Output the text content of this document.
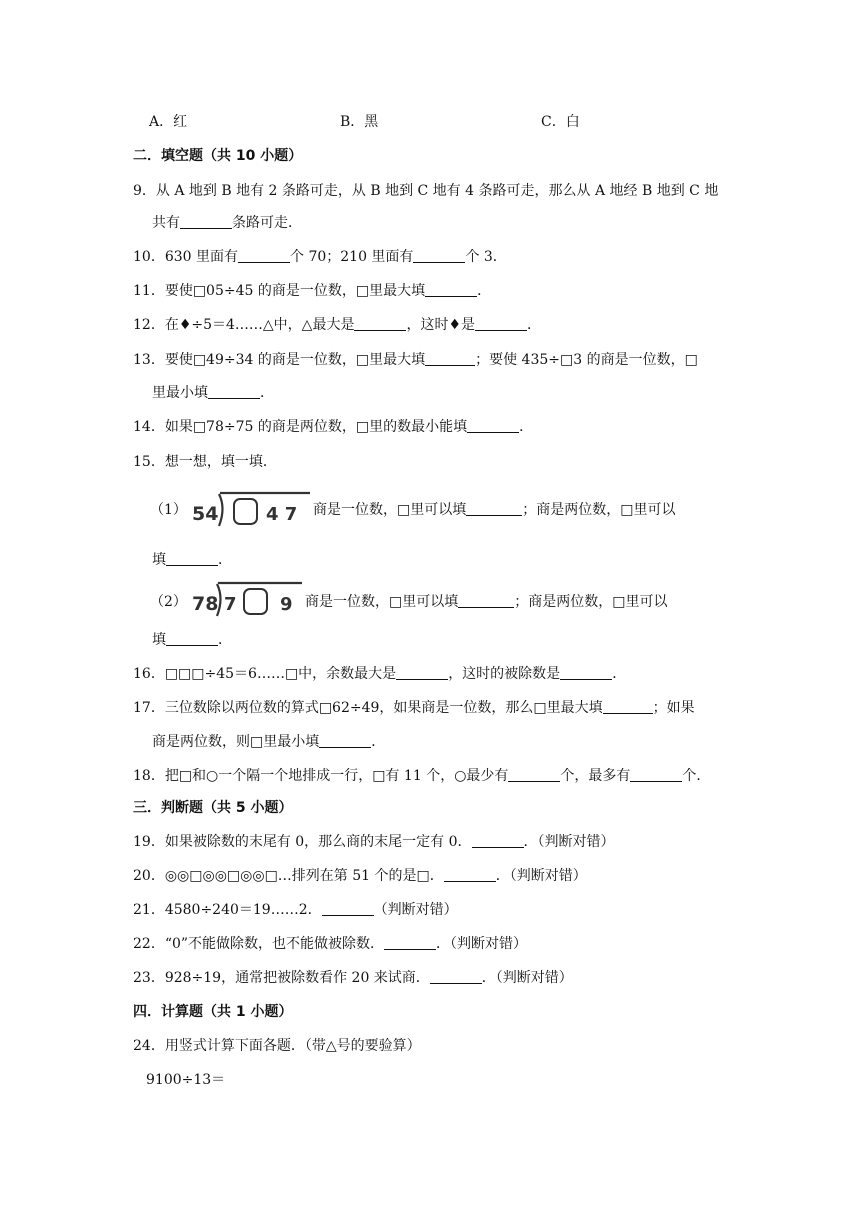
A．红	B．黑	C．白
二．填空题（共 10 小题）
9．从 A 地到 B 地有 2 条路可走，从 B 地到 C 地有 4 条路可走，那么从 A 地经 B 地到 C 地
共有	条路可走．
10．630 里面有	个 70；210 里面有	个 3．
11．要使□05÷45 的商是一位数，□里最大填	．
12．在♦÷5＝4……△中，△最大是	，这时♦是	．
13．要使□49÷34 的商是一位数，□里最大填	；要使 435÷□3 的商是一位数，□
里最小填	．
14．如果□78÷75 的商是两位数，□里的数最小能填	．
15．想一想，填一填．
（1） 54	4 7 商是一位数，□里可以填	；商是两位数，□里可以
填	．
（2） 78 7 9 商是一位数，□里可以填	；商是两位数，□里可以
填	．
16．□□□÷45＝6……□中，余数最大是	，这时的被除数是	．
17．三位数除以两位数的算式□62÷49，如果商是一位数，那么□里最大填	；如果
商是两位数，则□里最小填	．
18．把□和○一个隔一个地排成一行，□有 11 个，○最少有	个，最多有	个．
三．判断题（共 5 小题）
19．如果被除数的末尾有 0，那么商的末尾一定有 0．	．（判断对错）
20．◎◎□◎◎□◎◎□…排列在第 51 个的是□．	．（判断对错）
21．4580÷240＝19……2．	（判断对错）
22．“0”不能做除数，也不能做被除数．	．（判断对错）
23．928÷19，通常把被除数看作 20 来试商．	．（判断对错）
四．计算题（共 1 小题）
24．用竖式计算下面各题．（带△号的要验算）
9100÷13＝
